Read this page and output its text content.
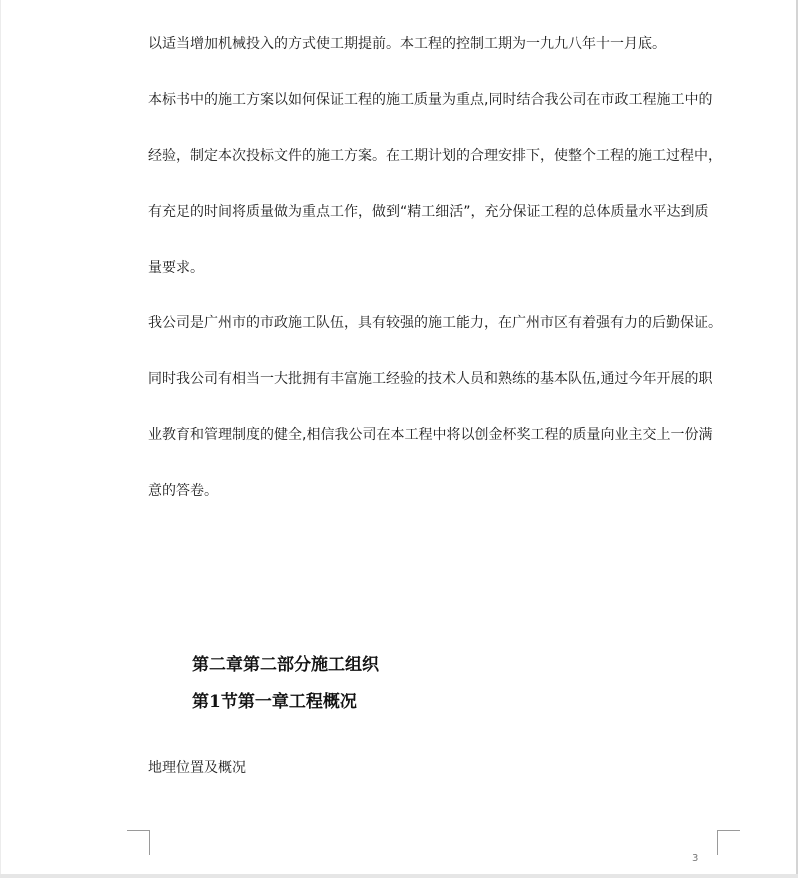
以适当增加机械投入的方式使工期提前。本工程的控制工期为一九九八年十一月底。
本标书中的施工方案以如何保证工程的施工质量为重点,同时结合我公司在市政工程施工中的
经验，制定本次投标文件的施工方案。在工期计划的合理安排下，使整个工程的施工过程中，
有充足的时间将质量做为重点工作，做到“精工细活”，充分保证工程的总体质量水平达到质
量要求。
我公司是广州市的市政施工队伍，具有较强的施工能力，在广州市区有着强有力的后勤保证。
同时我公司有相当一大批拥有丰富施工经验的技术人员和熟练的基本队伍,通过今年开展的职
业教育和管理制度的健全,相信我公司在本工程中将以创金杯奖工程的质量向业主交上一份满
意的答卷。
第二章第二部分施工组织
第1节第一章工程概况
地理位置及概况
3
